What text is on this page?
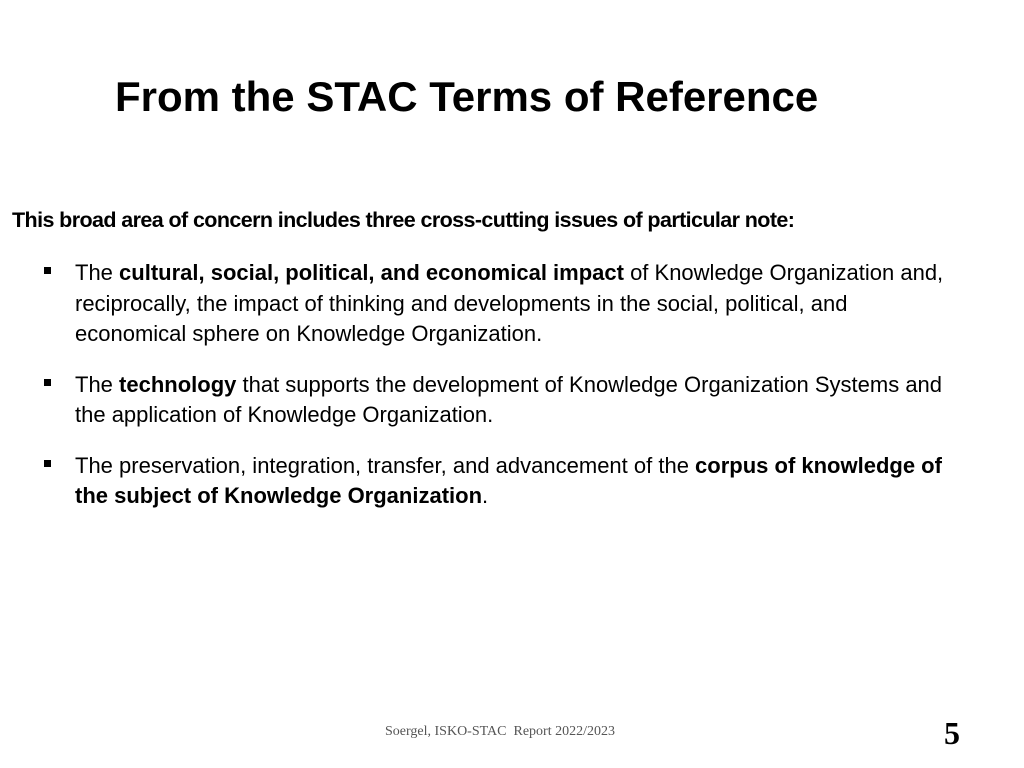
From the STAC Terms of Reference

This broad area of concern includes three cross-cutting issues of particular note:

The cultural, social, political, and economical impact of Knowledge Organization and, reciprocally, the impact of thinking and developments in the social, political, and economical sphere on Knowledge Organization.
The technology that supports the development of Knowledge Organization Systems and the application of Knowledge Organization.
The preservation, integration, transfer, and advancement of the corpus of knowledge of the subject of Knowledge Organization.
Soergel, ISKO-STAC  Report 2022/2023	5
